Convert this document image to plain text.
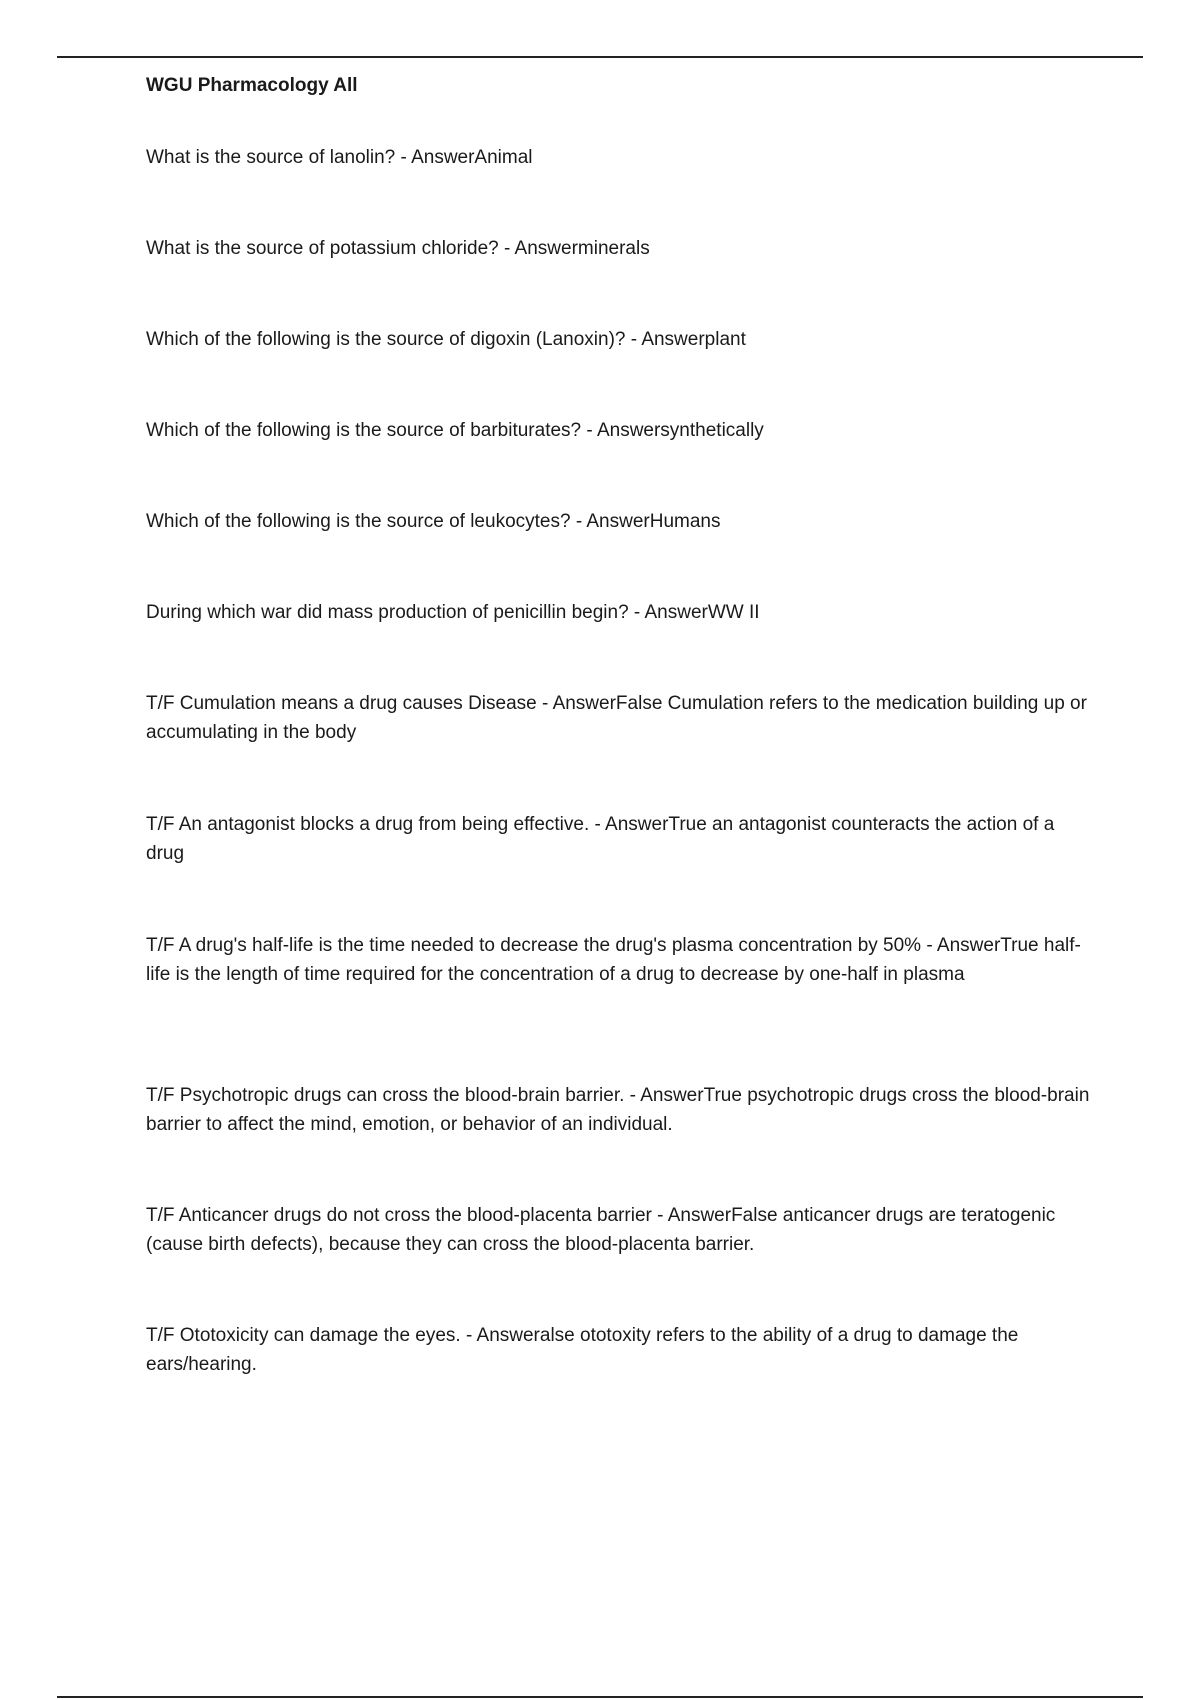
WGU Pharmacology All
What is the source of lanolin? - AnswerAnimal
What is the source of potassium chloride? - Answerminerals
Which of the following is the source of digoxin (Lanoxin)? - Answerplant
Which of the following is the source of barbiturates? - Answersynthetically
Which of the following is the source of leukocytes? - AnswerHumans
During which war did mass production of penicillin begin? - AnswerWW II
T/F Cumulation means a drug causes Disease - AnswerFalse Cumulation refers to the medication building up or accumulating in the body
T/F An antagonist blocks a drug from being effective. - AnswerTrue an antagonist counteracts the action of a drug
T/F A drug's half-life is the time needed to decrease the drug's plasma concentration by 50% - AnswerTrue half-life is the length of time required for the concentration of a drug to decrease by one-half in plasma
T/F Psychotropic drugs can cross the blood-brain barrier. - AnswerTrue psychotropic drugs cross the blood-brain barrier to affect the mind, emotion, or behavior of an individual.
T/F Anticancer drugs do not cross the blood-placenta barrier - AnswerFalse anticancer drugs are teratogenic (cause birth defects), because they can cross the blood-placenta barrier.
T/F Ototoxicity can damage the eyes. - Answeralse ototoxity refers to the ability of a drug to damage the ears/hearing.
